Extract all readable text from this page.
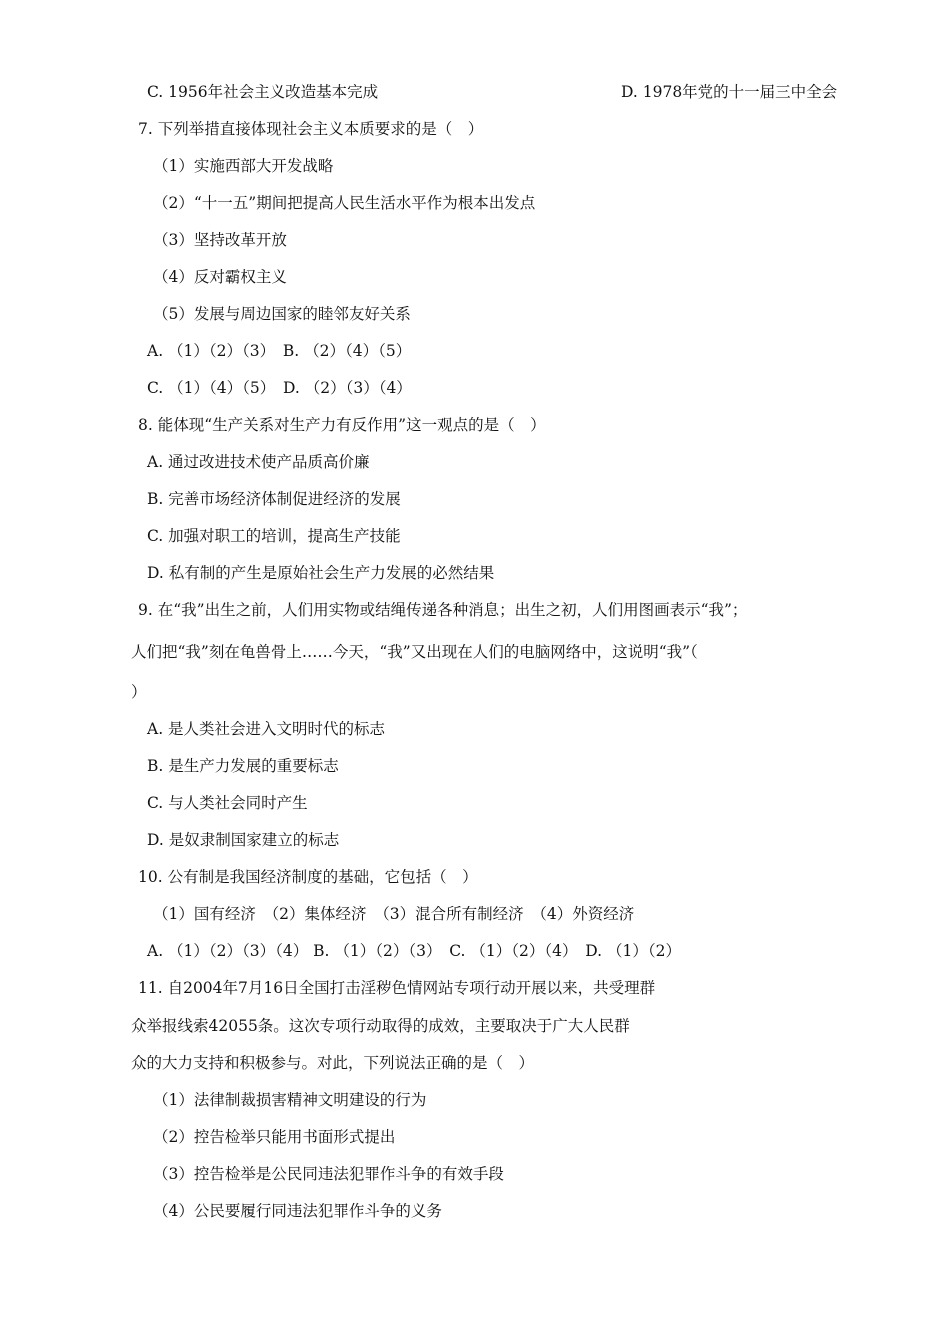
C. 1956年社会主义改造基本完成	D. 1978年党的十一届三中全会
7. 下列举措直接体现社会主义本质要求的是（　）
（1）实施西部大开发战略
（2）“十一五”期间把提高人民生活水平作为根本出发点
（3）坚持改革开放
（4）反对霸权主义
（5）发展与周边国家的睦邻友好关系
A. （1）（2）（3）　B. （2）（4）（5）
C. （1）（4）（5）　D. （2）（3）（4）
8. 能体现“生产关系对生产力有反作用”这一观点的是（　）
A. 通过改进技术使产品质高价廉
B. 完善市场经济体制促进经济的发展
C. 加强对职工的培训，提高生产技能
D. 私有制的产生是原始社会生产力发展的必然结果
9. 在“我”出生之前，人们用实物或结绳传递各种消息；出生之初，人们用图画表示“我”；
人们把“我”刻在龟兽骨上……今天，“我”又出现在人们的电脑网络中，这说明“我”（
）
A. 是人类社会进入文明时代的标志
B. 是生产力发展的重要标志
C. 与人类社会同时产生
D. 是奴隶制国家建立的标志
10. 公有制是我国经济制度的基础，它包括（　）
（1）国有经济　（2）集体经济　（3）混合所有制经济　（4）外资经济
A. （1）（2）（3）（4） B. （1）（2）（3）　C. （1）（2）（4）　D. （1）（2）
11. 自2004年7月16日全国打击淫秽色情网站专项行动开展以来，共受理群
众举报线索42055条。这次专项行动取得的成效，主要取决于广大人民群
众的大力支持和积极参与。对此，下列说法正确的是（　）
（1）法律制裁损害精神文明建设的行为
（2）控告检举只能用书面形式提出
（3）控告检举是公民同违法犯罪作斗争的有效手段
（4）公民要履行同违法犯罪作斗争的义务
